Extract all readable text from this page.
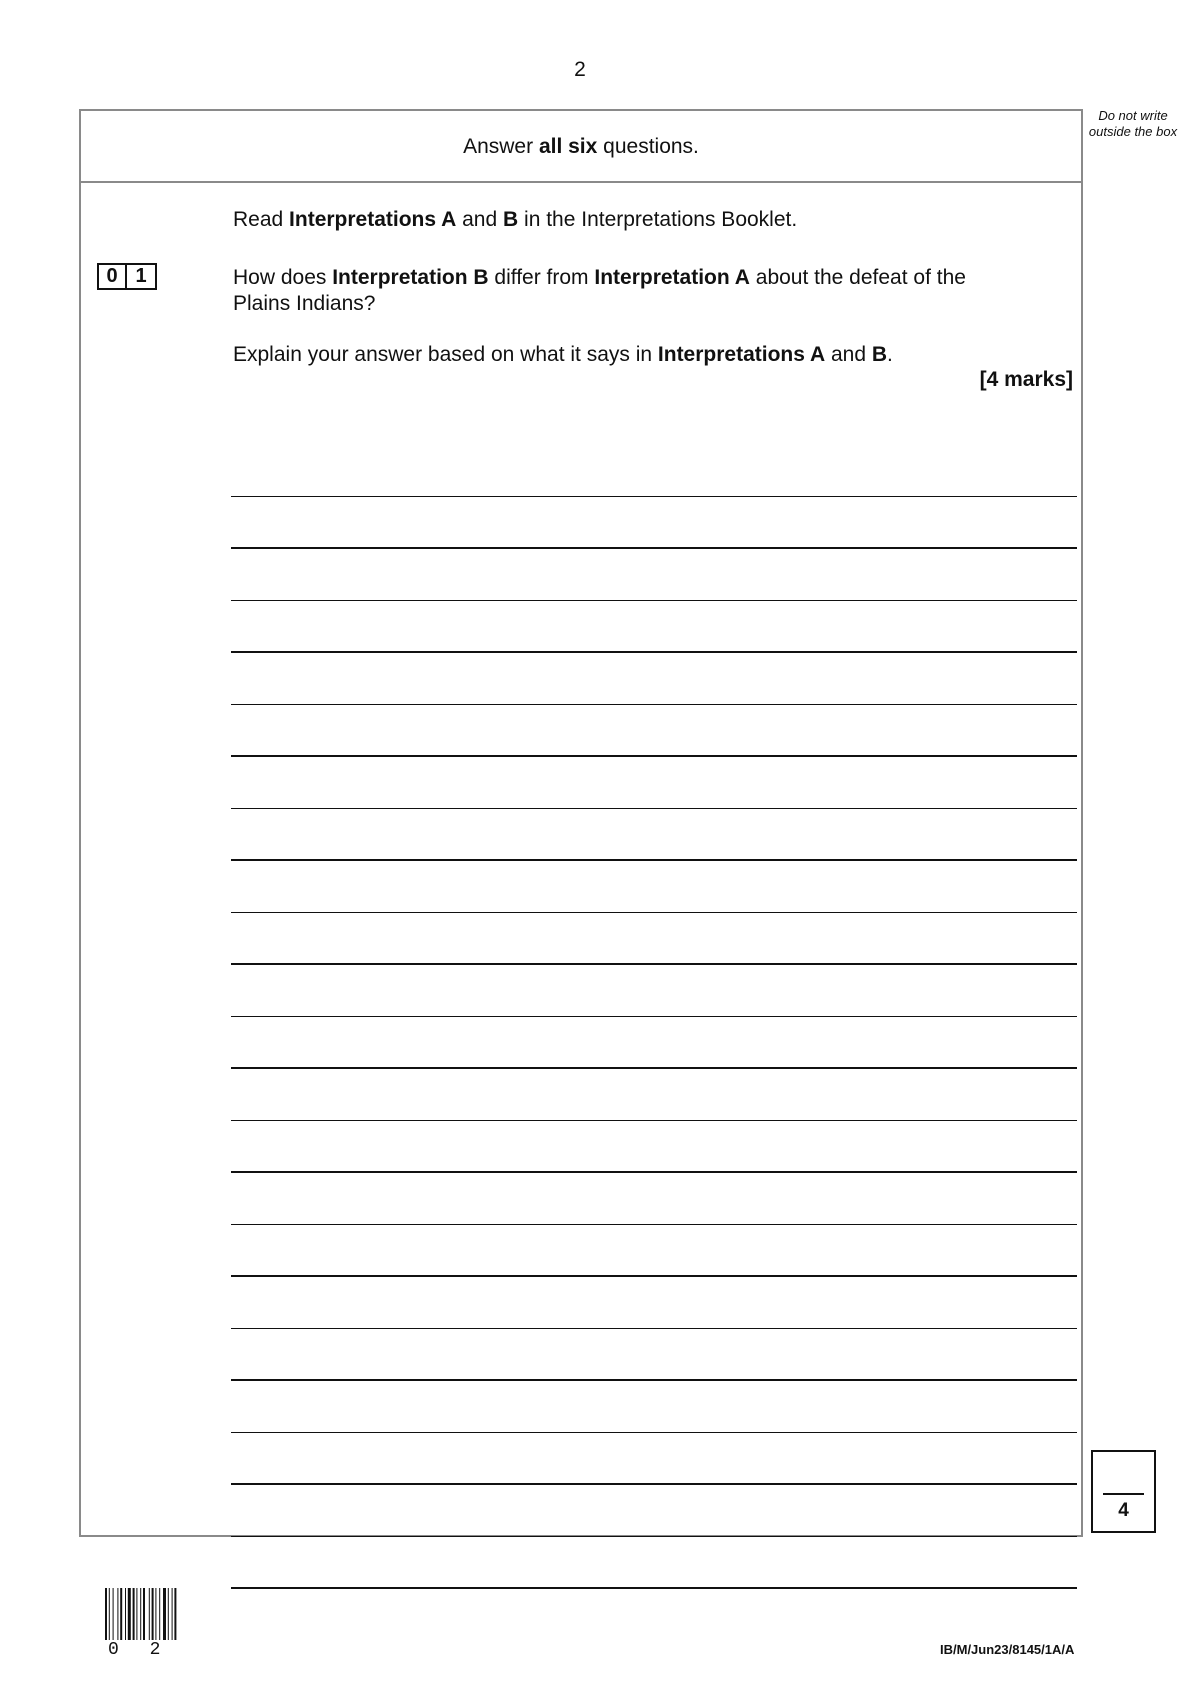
2
Do not write outside the box
Answer all six questions.
0 1
Read Interpretations A and B in the Interpretations Booklet.
How does Interpretation B differ from Interpretation A about the defeat of the Plains Indians?
Explain your answer based on what it says in Interpretations A and B.
[4 marks]
4
0 2	IB/M/Jun23/8145/1A/A
